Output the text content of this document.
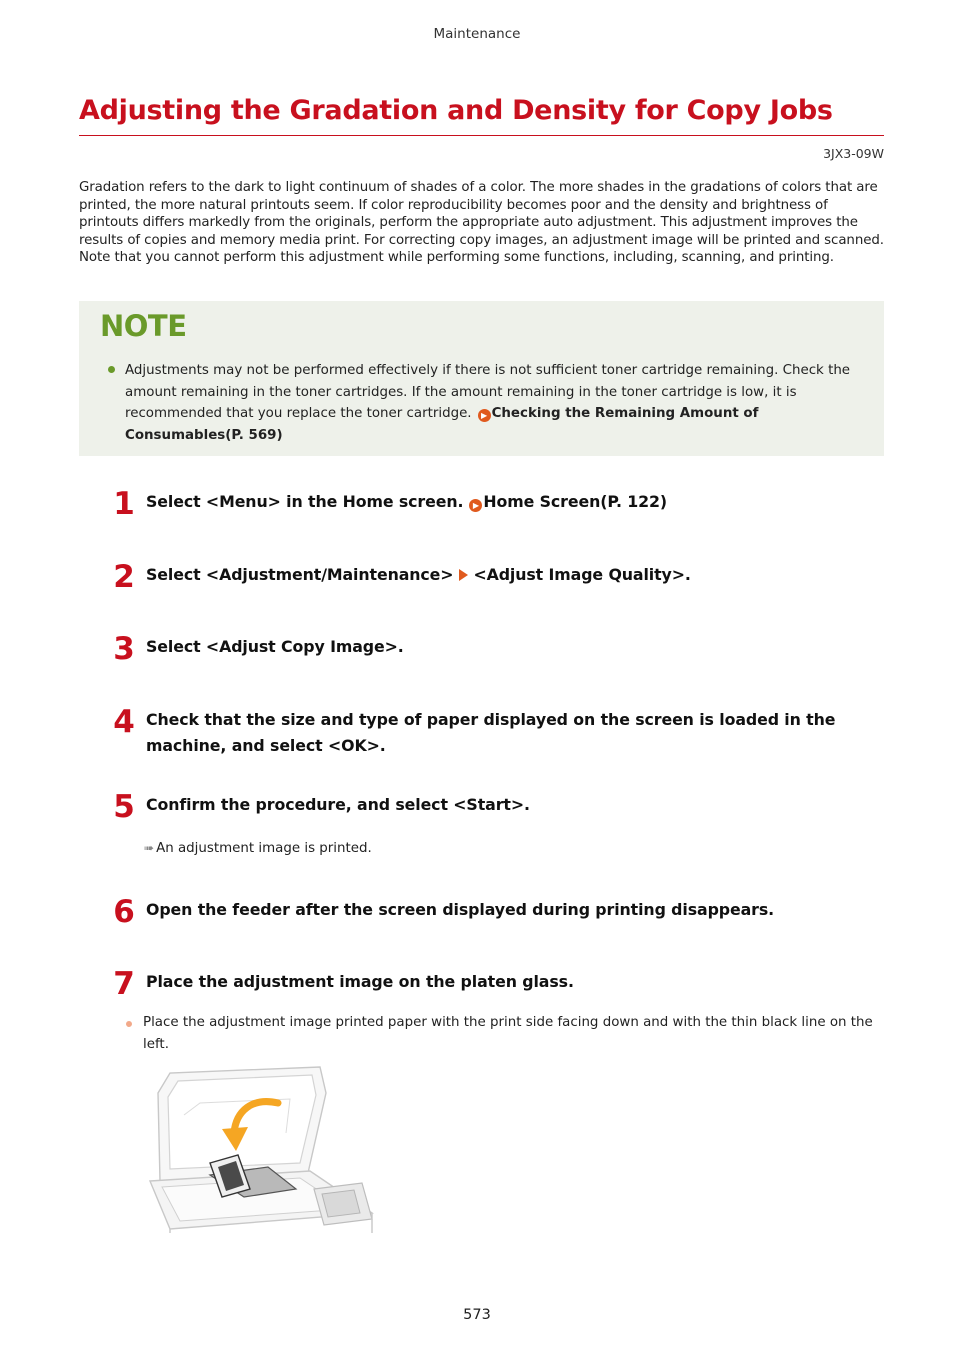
Maintenance
Adjusting the Gradation and Density for Copy Jobs
3JX3-09W

Gradation refers to the dark to light continuum of shades of a color. The more shades in the gradations of colors that are printed, the more natural printouts seem. If color reproducibility becomes poor and the density and brightness of printouts differs markedly from the originals, perform the appropriate auto adjustment. This adjustment improves the results of copies and memory media print. For correcting copy images, an adjustment image will be printed and scanned. Note that you cannot perform this adjustment while performing some functions, including, scanning, and printing.

NOTE
Adjustments may not be performed effectively if there is not sufficient toner cartridge remaining. Check the amount remaining in the toner cartridges. If the amount remaining in the toner cartridge is low, it is recommended that you replace the toner cartridge. ▶ Checking the Remaining Amount of Consumables(P. 569)
1 Select <Menu> in the Home screen. ▶ Home Screen(P. 122)
2 Select <Adjustment/Maintenance> <Adjust Image Quality>.
3 Select <Adjust Copy Image>.
4 Check that the size and type of paper displayed on the screen is loaded in the machine, and select <OK>.
5 Confirm the procedure, and select <Start>.
➠ An adjustment image is printed.
6 Open the feeder after the screen displayed during printing disappears.
7 Place the adjustment image on the platen glass.
Place the adjustment image printed paper with the print side facing down and with the thin black line on the left.
573
